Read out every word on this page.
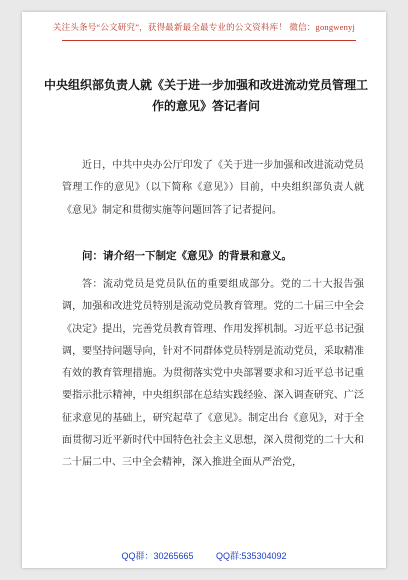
关注头条号“公文研究”，获得最新最全最专业的公文资料库！ 微信：gongwenyj
中央组织部负责人就《关于进一步加强和改进流动党员管理工作的意见》答记者问
近日，中共中央办公厅印发了《关于进一步加强和改进流动党员管理工作的意见》（以下简称《意见》）目前，中央组织部负责人就《意见》制定和贯彻实施等问题回答了记者提问。
问：请介绍一下制定《意见》的背景和意义。
答：流动党员是党员队伍的重要组成部分。党的二十大报告强调，加强和改进党员特别是流动党员教育管理。党的二十届三中全会《决定》提出，完善党员教育管理、作用发挥机制。习近平总书记强调，要坚持问题导向，针对不同群体党员特别是流动党员，采取精准有效的教育管理措施。为贯彻落实党中央部署要求和习近平总书记重要指示批示精神，中央组织部在总结实践经验、深入调查研究、广泛征求意见的基础上，研究起草了《意见》。制定出台《意见》，对于全面贯彻习近平新时代中国特色社会主义思想，深入贯彻党的二十大和二十届二中、三中全会精神，深入推进全面从严治党，
QQ群：30265665	QQ群:535304092
